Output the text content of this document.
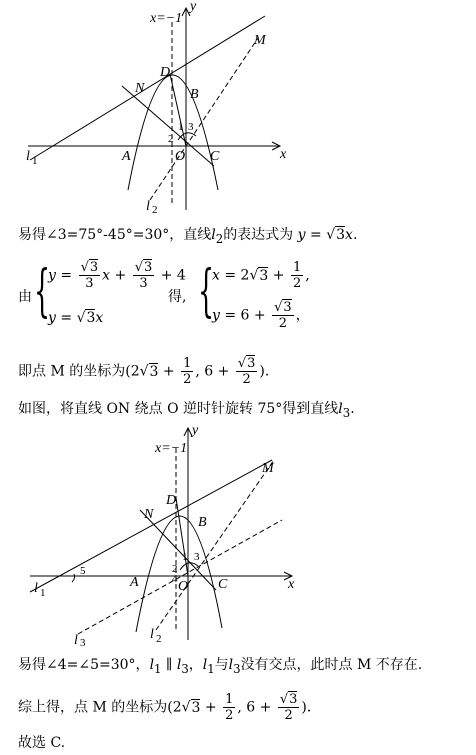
y
x
x=−1
M
D
N	B
A	O C
1
2
3
l 1
l 2
易得∠3=75°-45°=30°，直线$l_2$的表达式为 y = √3x.
由 {
$y = \frac{√3}{3}$ $x + \frac{√3}{3} + 4$
y = √3x
得, {
$x = 2√3 + \frac{1}{2}$ ,
$y = 6 + \frac{√3}{2}$ ，
即点 M 的坐标为($2√3 + \frac{1}{2}$ , $6 + \frac{√3}{2}$ )．
如图，将直线 ON 绕点 O 逆时针旋转 75°得到直线$l_3$.
y
x
x=−1
M
D
N
B
A	O C
1
2
3
4
5
l 1
l 2
l 3
易得∠4=∠5=30°，$l_1$ ∥ $l_3$，$l_1$与$l_3$没有交点，此时点 M 不存在.
综上得，点 M 的坐标为($2√3 + \frac{1}{2}$ , $6 + \frac{√3}{2}$ )．
故选 C.
